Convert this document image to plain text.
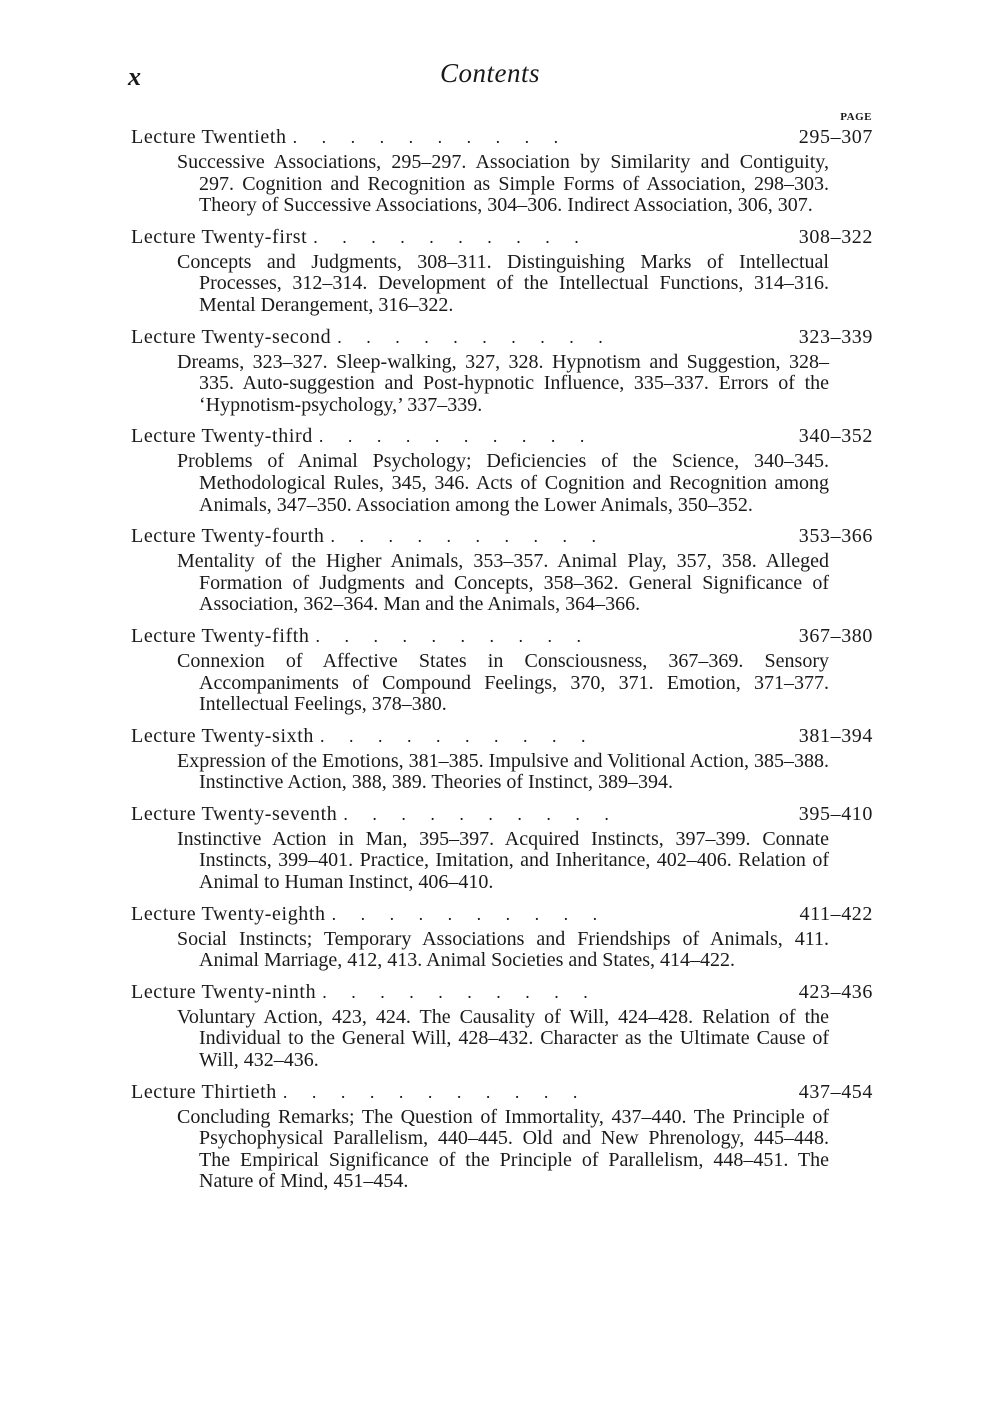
x	Contents
PAGE
Lecture Twentieth . . . . . . . . . .	295–307
Successive Associations, 295–297. Association by Similarity and Contiguity, 297. Cognition and Recognition as Simple Forms of Association, 298–303. Theory of Successive Associations, 304–306. Indirect Association, 306, 307.
Lecture Twenty-first . . . . . . . . . .	308–322
Concepts and Judgments, 308–311. Distinguishing Marks of Intellectual Processes, 312–314. Development of the Intellectual Functions, 314–316. Mental Derangement, 316–322.
Lecture Twenty-second . . . . . . . . . .	323–339
Dreams, 323–327. Sleep-walking, 327, 328. Hypnotism and Suggestion, 328–335. Auto-suggestion and Post-hypnotic Influence, 335–337. Errors of the ‘Hypnotism-psychology,’ 337–339.
Lecture Twenty-third . . . . . . . . . .	340–352
Problems of Animal Psychology; Deficiencies of the Science, 340–345. Methodological Rules, 345, 346. Acts of Cognition and Recognition among Animals, 347–350. Association among the Lower Animals, 350–352.
Lecture Twenty-fourth . . . . . . . . . .	353–366
Mentality of the Higher Animals, 353–357. Animal Play, 357, 358. Alleged Formation of Judgments and Concepts, 358–362. General Significance of Association, 362–364. Man and the Animals, 364–366.
Lecture Twenty-fifth . . . . . . . . . .	367–380
Connexion of Affective States in Consciousness, 367–369. Sensory Accompaniments of Compound Feelings, 370, 371. Emotion, 371–377. Intellectual Feelings, 378–380.
Lecture Twenty-sixth . . . . . . . . . .	381–394
Expression of the Emotions, 381–385. Impulsive and Volitional Action, 385–388. Instinctive Action, 388, 389. Theories of Instinct, 389–394.
Lecture Twenty-seventh . . . . . . . . . .	395–410
Instinctive Action in Man, 395–397. Acquired Instincts, 397–399. Connate Instincts, 399–401. Practice, Imitation, and Inheritance, 402–406. Relation of Animal to Human Instinct, 406–410.
Lecture Twenty-eighth . . . . . . . . . .	411–422
Social Instincts; Temporary Associations and Friendships of Animals, 411. Animal Marriage, 412, 413. Animal Societies and States, 414–422.
Lecture Twenty-ninth . . . . . . . . . .	423–436
Voluntary Action, 423, 424. The Causality of Will, 424–428. Relation of the Individual to the General Will, 428–432. Character as the Ultimate Cause of Will, 432–436.
Lecture Thirtieth . . . . . . . . . . .	437–454
Concluding Remarks; The Question of Immortality, 437–440. The Principle of Psychophysical Parallelism, 440–445. Old and New Phrenology, 445–448. The Empirical Significance of the Principle of Parallelism, 448–451. The Nature of Mind, 451–454.
